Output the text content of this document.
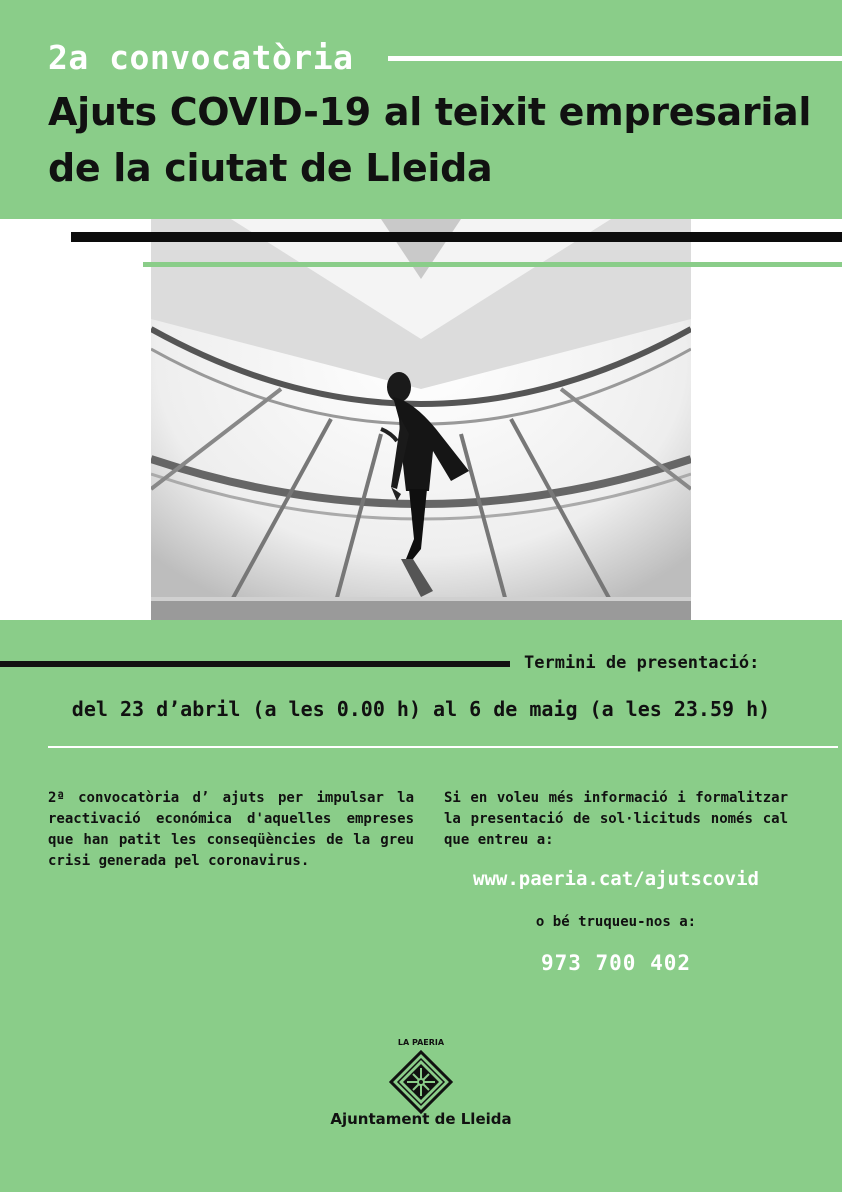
2a convocatòria
Ajuts COVID-19 al teixit empresarial de la ciutat de Lleida
Termini de presentació:
del 23 d’abril (a les 0.00 h) al 6 de maig (a les 23.59 h)
2ª convocatòria d’ ajuts per impulsar la reactivació económica d'aquelles empreses que han patit les conseqüències de la greu crisi generada pel coronavirus.
Si en voleu més informació i formalitzar la presentació de sol·licituds només cal que entreu a:
www.paeria.cat/ajutscovid
o bé truqueu-nos a:
973 700 402
LA PAERIA
Ajuntament de Lleida
